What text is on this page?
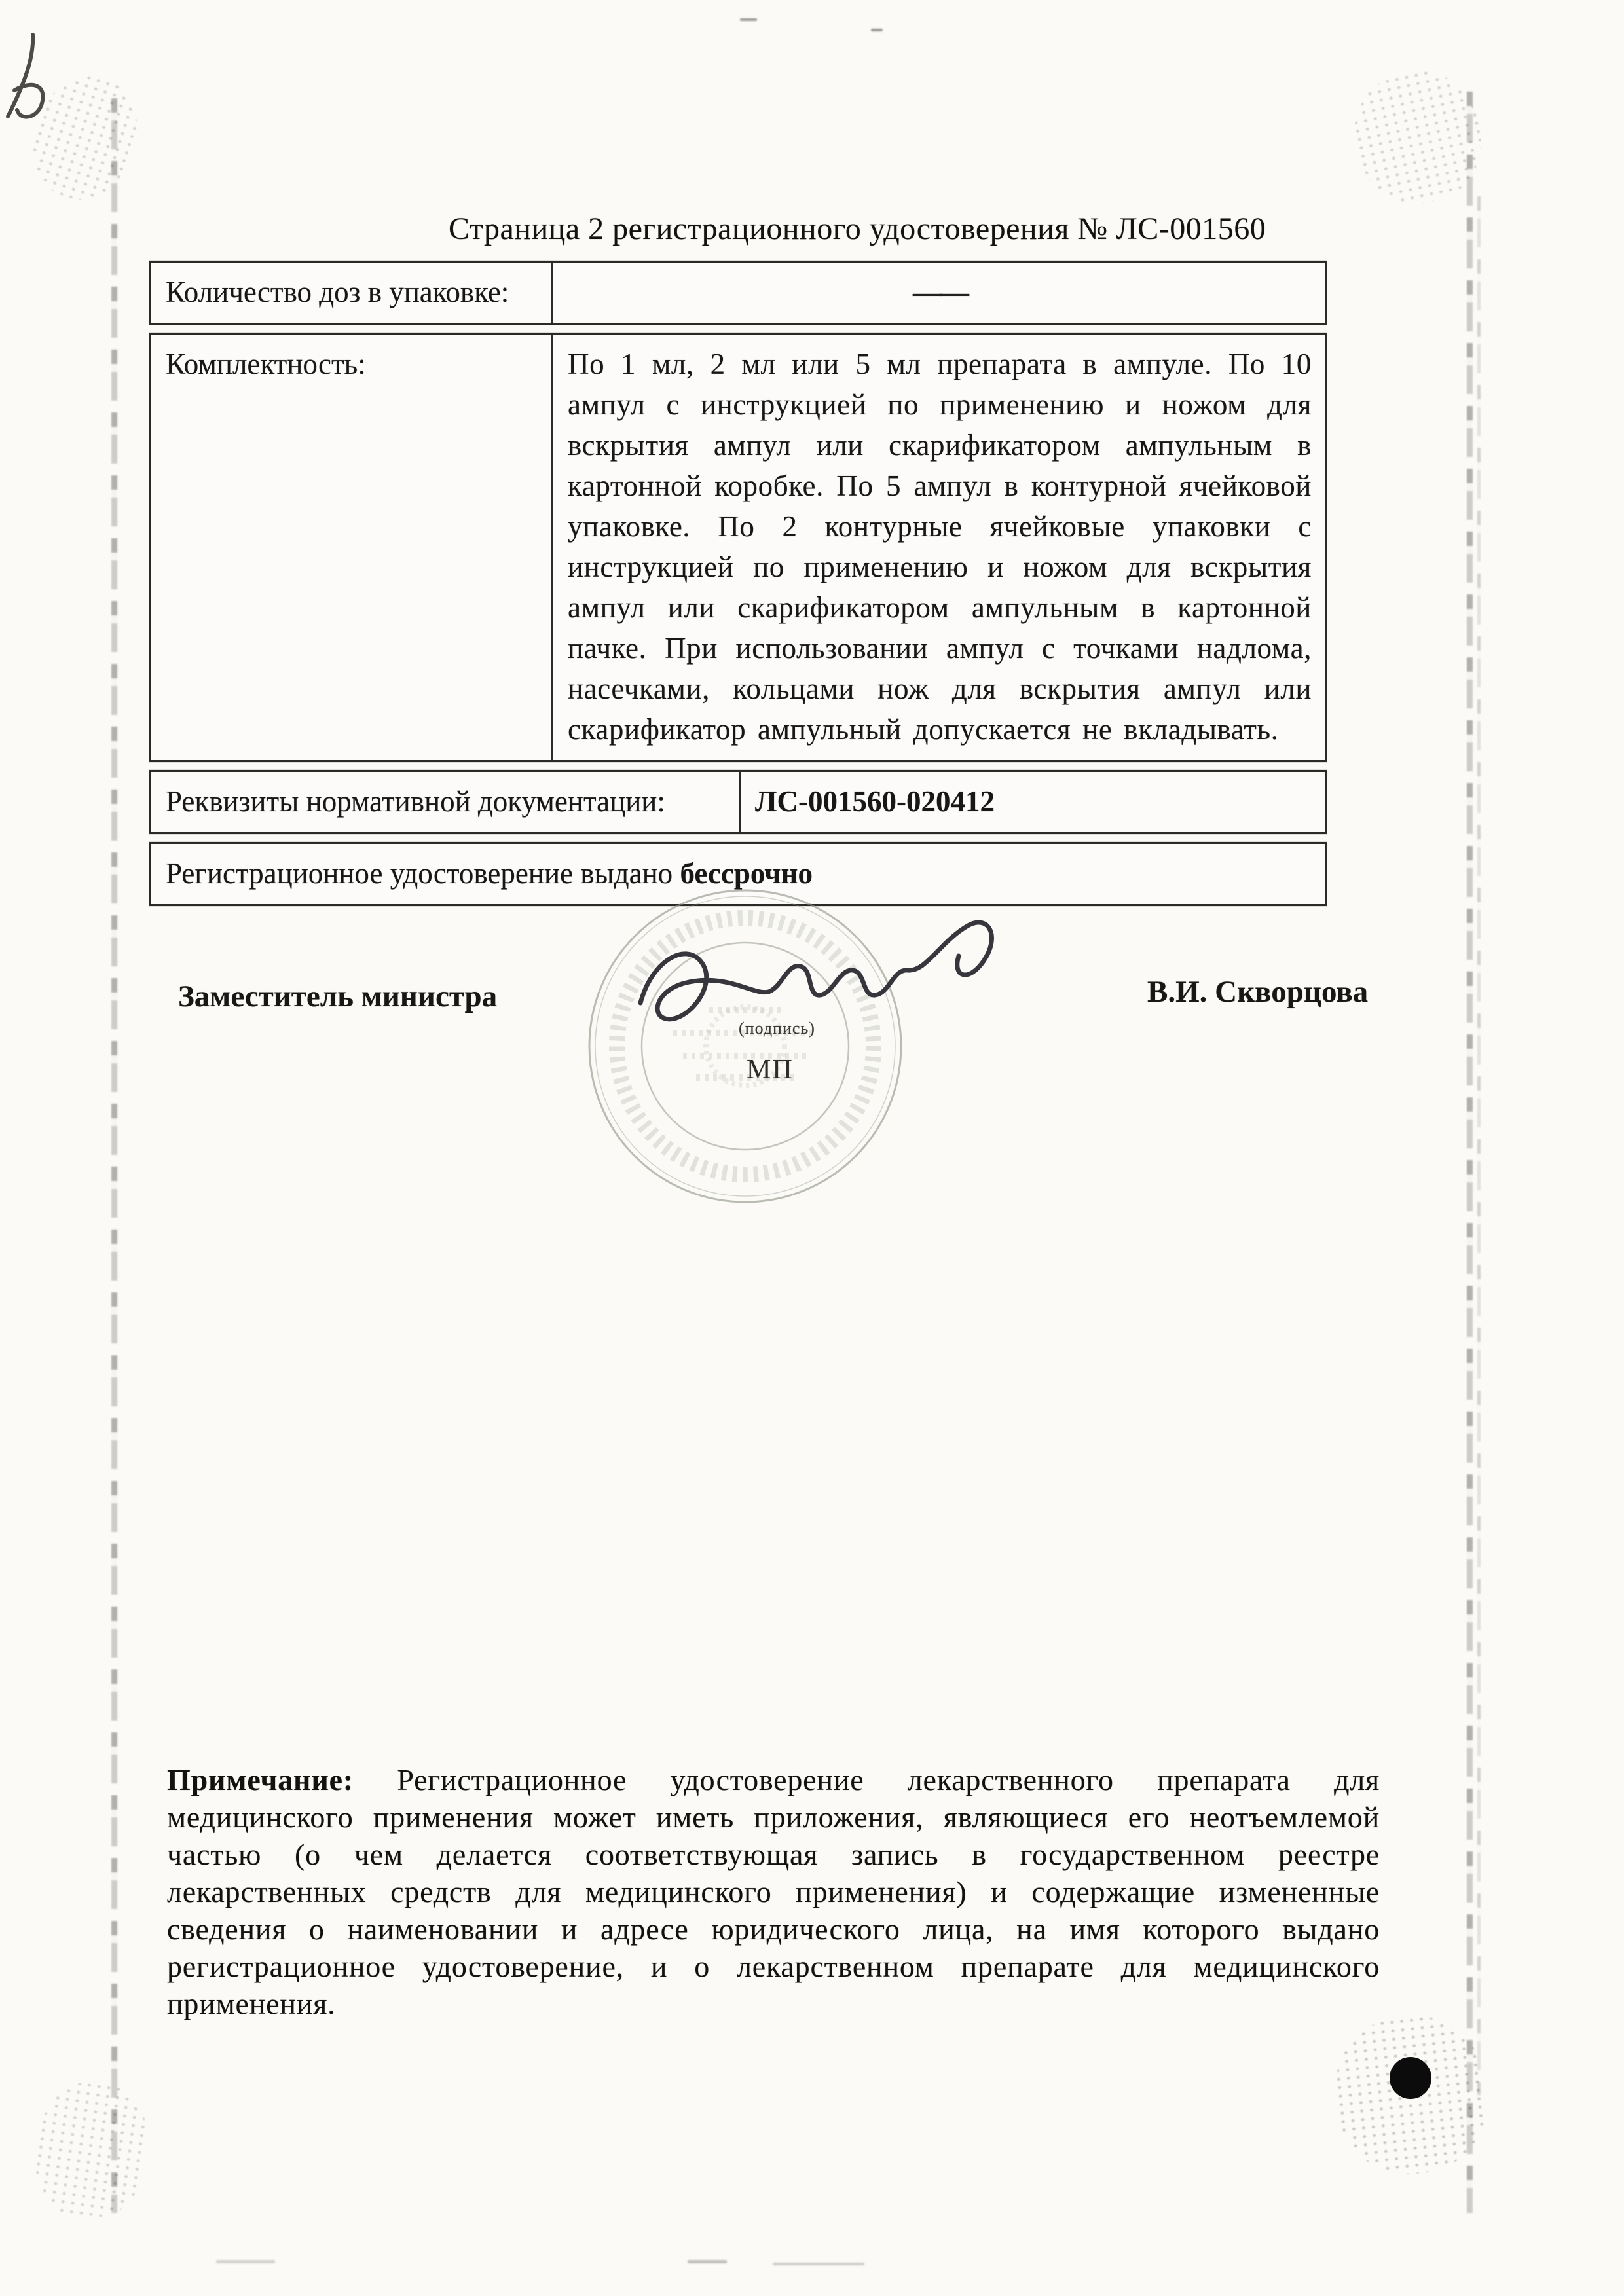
Страница 2 регистрационного удостоверения № ЛС-001560
Количество доз в упаковке:	——
Комплектность:	По 1 мл, 2 мл или 5 мл препарата в ампуле. По 10 ампул с инструкцией по применению и ножом для вскрытия ампул или скарификатором ампульным в картонной коробке. По 5 ампул в контурной ячейковой упаковке. По 2 контурные ячейковые упаковки с инструкцией по применению и ножом для вскрытия ампул или скарификатором ампульным в картонной пачке. При использовании ампул с точками надлома, насечками, кольцами нож для вскрытия ампул или скарификатор ампульный допускается не вкладывать.
Реквизиты нормативной документации:	ЛС-001560-020412
Регистрационное удостоверение выдано бессрочно
Заместитель министра
(подпись)
МП
В.И. Скворцова
Примечание: Регистрационное удостоверение лекарственного препарата для медицинского применения может иметь приложения, являющиеся его неотъемлемой частью (о чем делается соответствующая запись в государственном реестре лекарственных средств для медицинского применения) и содержащие измененные сведения о наименовании и адресе юридического лица, на имя которого выдано регистрационное удостоверение, и о лекарственном препарате для медицинского применения.
